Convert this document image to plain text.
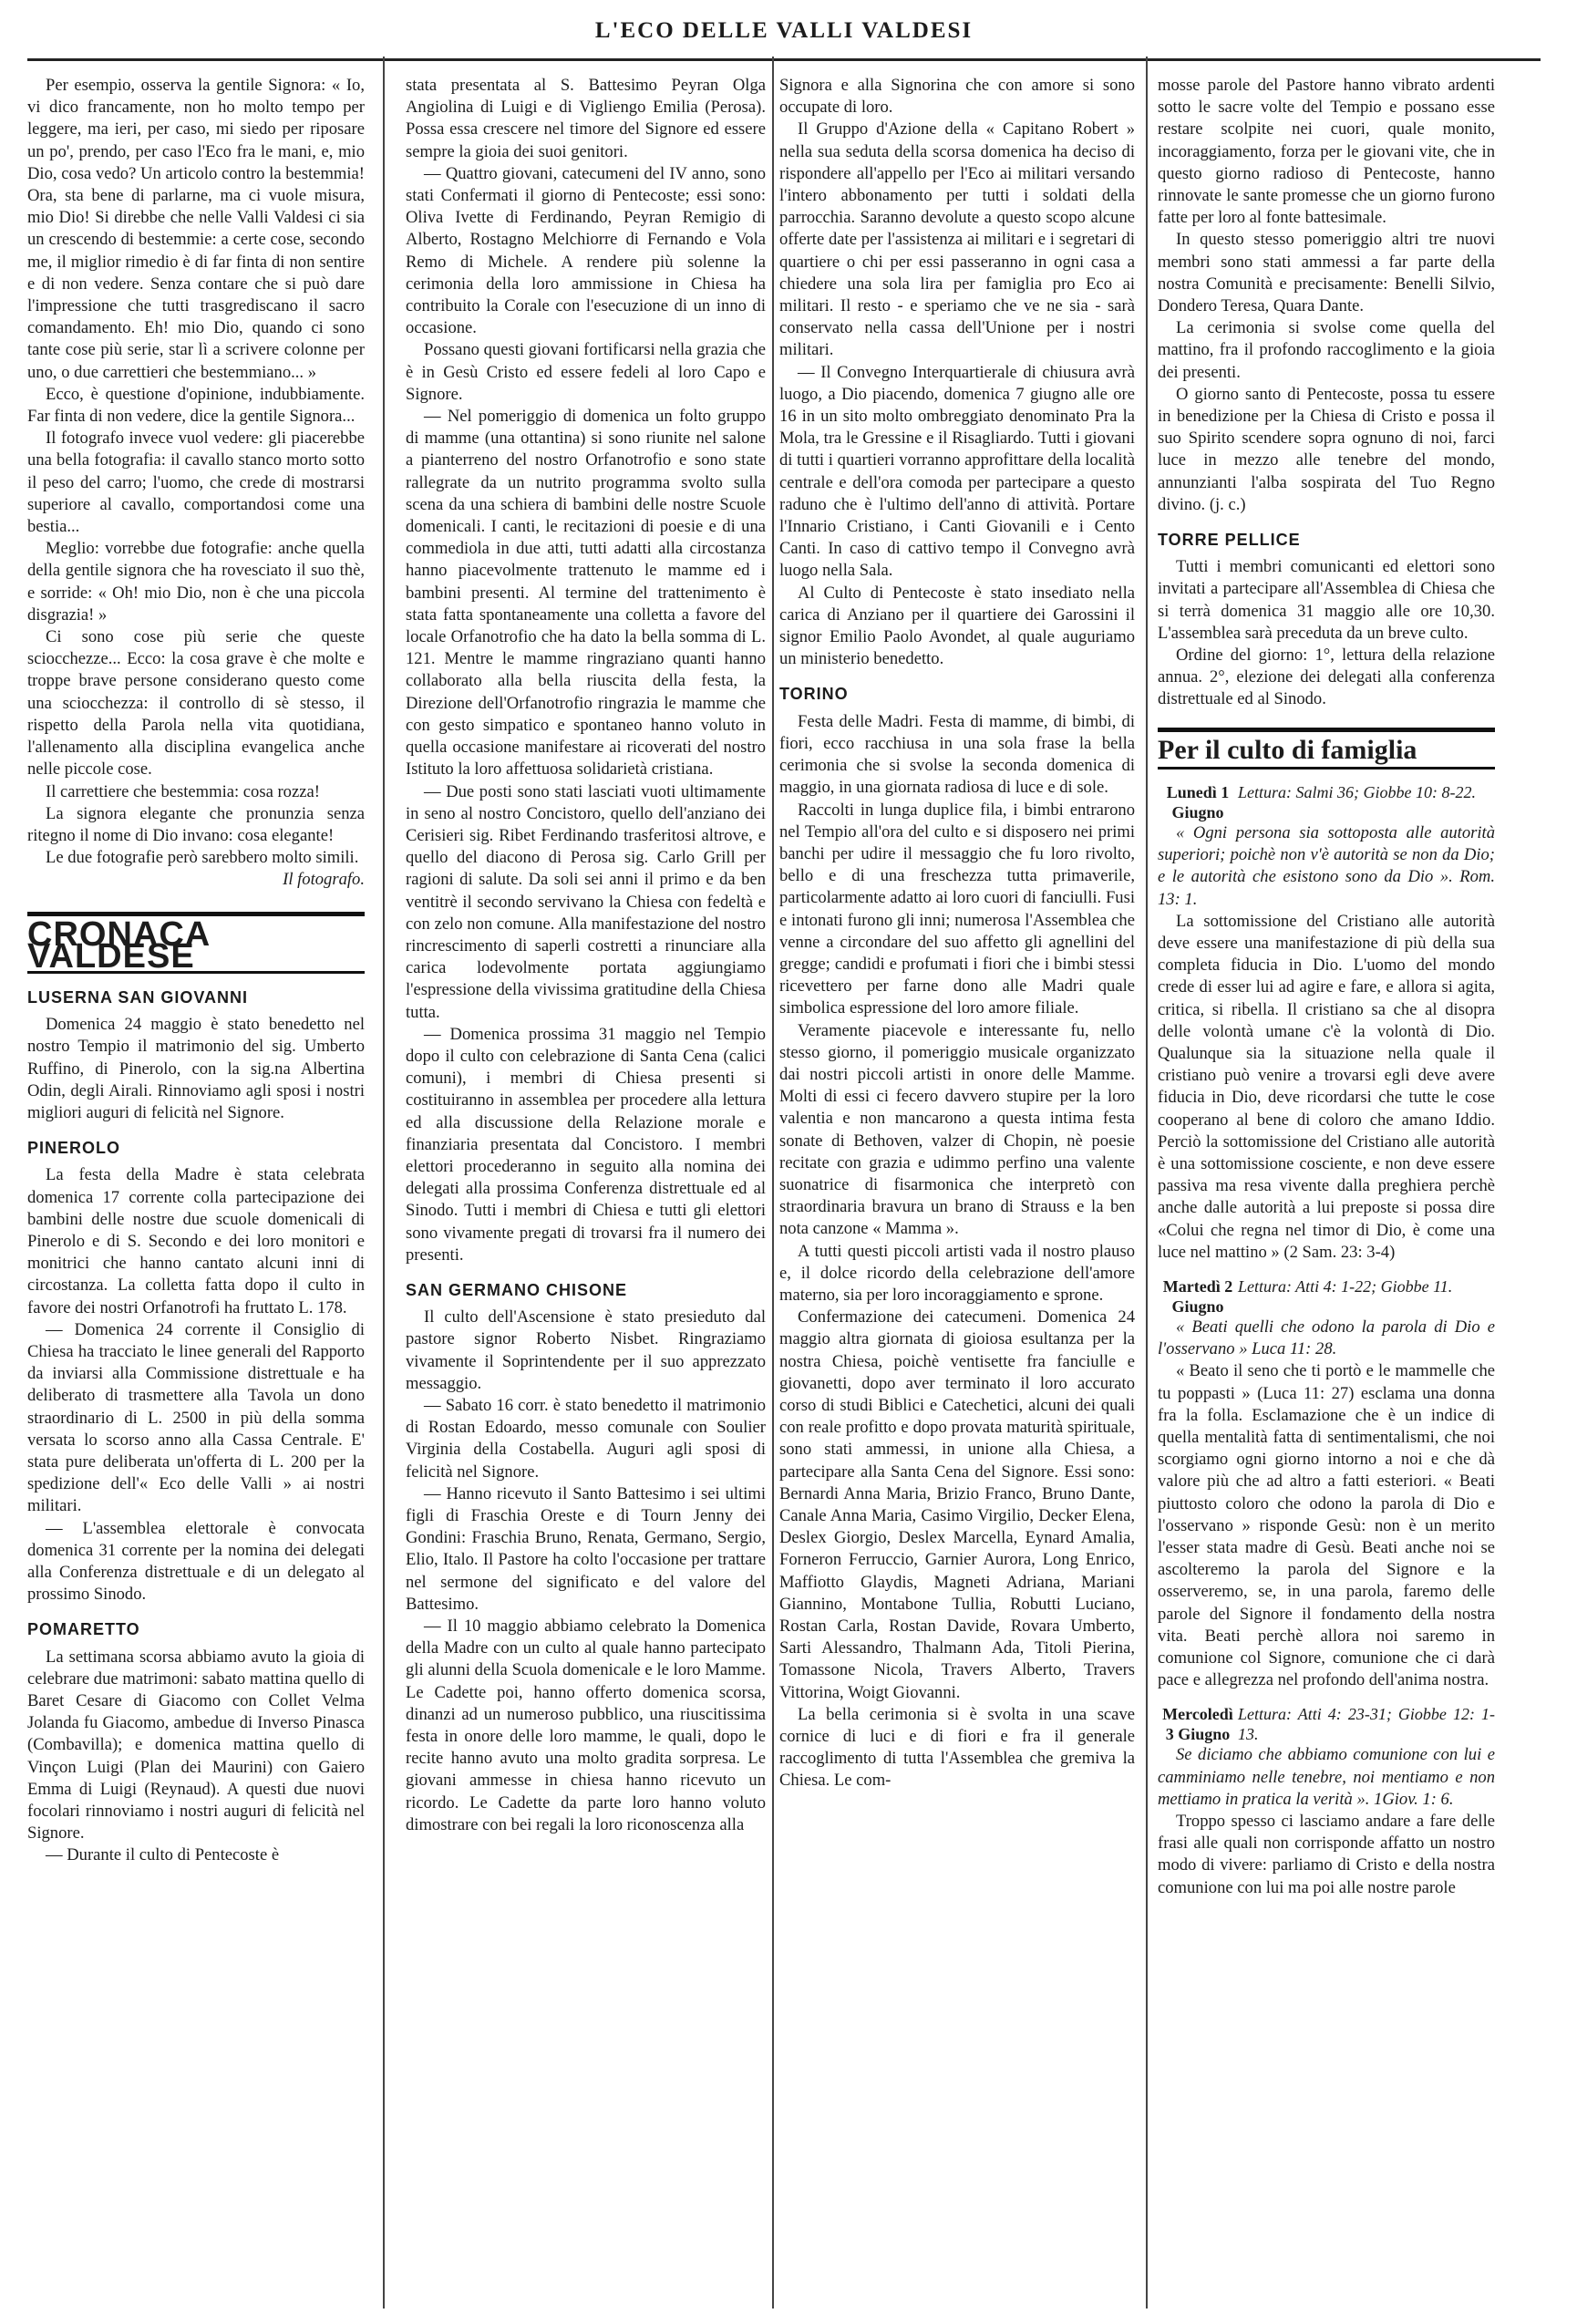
L'ECO DELLE VALLI VALDESI

Per esempio, osserva la gentile Signora: « Io, vi dico francamente, non ho molto tempo per leggere, ma ieri, per caso, mi siedo per riposare un po', prendo, per caso l'Eco fra le mani, e, mio Dio, cosa vedo? Un articolo contro la bestemmia! Ora, sta bene di parlarne, ma ci vuole misura, mio Dio! Si direbbe che nelle Valli Valdesi ci sia un crescendo di bestemmie: a certe cose, secondo me, il miglior rimedio è di far finta di non sentire e di non vedere. Senza contare che si può dare l'impressione che tutti trasgrediscano il sacro comandamento. Eh! mio Dio, quando ci sono tante cose più serie, star lì a scrivere colonne per uno, o due carrettieri che bestemmiano... »

Ecco, è questione d'opinione, indubbiamente. Far finta di non vedere, dice la gentile Signora...

Il fotografo invece vuol vedere: gli piacerebbe una bella fotografia: il cavallo stanco morto sotto il peso del carro; l'uomo, che crede di mostrarsi superiore al cavallo, comportandosi come una bestia...

Meglio: vorrebbe due fotografie: anche quella della gentile signora che ha rovesciato il suo thè, e sorride: « Oh! mio Dio, non è che una piccola disgrazia! »

Ci sono cose più serie che queste sciocchezze... Ecco: la cosa grave è che molte e troppe brave persone considerano questo come una sciocchezza: il controllo di sè stesso, il rispetto della Parola nella vita quotidiana, l'allenamento alla disciplina evangelica anche nelle piccole cose.

Il carrettiere che bestemmia: cosa rozza!

La signora elegante che pronunzia senza ritegno il nome di Dio invano: cosa elegante!

Le due fotografie però sarebbero molto simili.

Il fotografo.

CRONACA VALDESE
LUSERNA SAN GIOVANNI

Domenica 24 maggio è stato benedetto nel nostro Tempio il matrimonio del sig. Umberto Ruffino, di Pinerolo, con la sig.na Albertina Odin, degli Airali. Rinnoviamo agli sposi i nostri migliori auguri di felicità nel Signore.

PINEROLO

La festa della Madre è stata celebrata domenica 17 corrente colla partecipazione dei bambini delle nostre due scuole domenicali di Pinerolo e di S. Secondo e dei loro monitori e monitrici che hanno cantato alcuni inni di circostanza. La colletta fatta dopo il culto in favore dei nostri Orfanotrofi ha fruttato L. 178.

— Domenica 24 corrente il Consiglio di Chiesa ha tracciato le linee generali del Rapporto da inviarsi alla Commissione distrettuale e ha deliberato di trasmettere alla Tavola un dono straordinario di L. 2500 in più della somma versata lo scorso anno alla Cassa Centrale. E' stata pure deliberata un'offerta di L. 200 per la spedizione dell'« Eco delle Valli » ai nostri militari.

— L'assemblea elettorale è convocata domenica 31 corrente per la nomina dei delegati alla Conferenza distrettuale e di un delegato al prossimo Sinodo.

POMARETTO

La settimana scorsa abbiamo avuto la gioia di celebrare due matrimoni: sabato mattina quello di Baret Cesare di Giacomo con Collet Velma Jolanda fu Giacomo, ambedue di Inverso Pinasca (Combavilla); e domenica mattina quello di Vinçon Luigi (Plan dei Maurini) con Gaiero Emma di Luigi (Reynaud). A questi due nuovi focolari rinnoviamo i nostri auguri di felicità nel Signore.

— Durante il culto di Pentecoste è

stata presentata al S. Battesimo Peyran Olga Angiolina di Luigi e di Vigliengo Emilia (Perosa). Possa essa crescere nel timore del Signore ed essere sempre la gioia dei suoi genitori.

— Quattro giovani, catecumeni del IV anno, sono stati Confermati il giorno di Pentecoste; essi sono: Oliva Ivette di Ferdinando, Peyran Remigio di Alberto, Rostagno Melchiorre di Fernando e Vola Remo di Michele. A rendere più solenne la cerimonia della loro ammissione in Chiesa ha contribuito la Corale con l'esecuzione di un inno di occasione.

Possano questi giovani fortificarsi nella grazia che è in Gesù Cristo ed essere fedeli al loro Capo e Signore.

— Nel pomeriggio di domenica un folto gruppo di mamme (una ottantina) si sono riunite nel salone a pianterreno del nostro Orfanotrofio e sono state rallegrate da un nutrito programma svolto sulla scena da una schiera di bambini delle nostre Scuole domenicali. I canti, le recitazioni di poesie e di una commediola in due atti, tutti adatti alla circostanza hanno piacevolmente trattenuto le mamme ed i bambini presenti. Al termine del trattenimento è stata fatta spontaneamente una colletta a favore del locale Orfanotrofio che ha dato la bella somma di L. 121. Mentre le mamme ringraziano quanti hanno collaborato alla bella riuscita della festa, la Direzione dell'Orfanotrofio ringrazia le mamme che con gesto simpatico e spontaneo hanno voluto in quella occasione manifestare ai ricoverati del nostro Istituto la loro affettuosa solidarietà cristiana.

— Due posti sono stati lasciati vuoti ultimamente in seno al nostro Concistoro, quello dell'anziano dei Cerisieri sig. Ribet Ferdinando trasferitosi altrove, e quello del diacono di Perosa sig. Carlo Grill per ragioni di salute. Da soli sei anni il primo e da ben ventitrè il secondo servivano la Chiesa con fedeltà e con zelo non comune. Alla manifestazione del nostro rincrescimento di saperli costretti a rinunciare alla carica lodevolmente portata aggiungiamo l'espressione della vivissima gratitudine della Chiesa tutta.

— Domenica prossima 31 maggio nel Tempio dopo il culto con celebrazione di Santa Cena (calici comuni), i membri di Chiesa presenti si costituiranno in assemblea per procedere alla lettura ed alla discussione della Relazione morale e finanziaria presentata dal Concistoro. I membri elettori procederanno in seguito alla nomina dei delegati alla prossima Conferenza distrettuale ed al Sinodo. Tutti i membri di Chiesa e tutti gli elettori sono vivamente pregati di trovarsi fra il numero dei presenti.

SAN GERMANO CHISONE

Il culto dell'Ascensione è stato presieduto dal pastore signor Roberto Nisbet. Ringraziamo vivamente il Soprintendente per il suo apprezzato messaggio.

— Sabato 16 corr. è stato benedetto il matrimonio di Rostan Edoardo, messo comunale con Soulier Virginia della Costabella. Auguri agli sposi di felicità nel Signore.

— Hanno ricevuto il Santo Battesimo i sei ultimi figli di Fraschia Oreste e di Tourn Jenny dei Gondini: Fraschia Bruno, Renata, Germano, Sergio, Elio, Italo. Il Pastore ha colto l'occasione per trattare nel sermone del significato e del valore del Battesimo.

— Il 10 maggio abbiamo celebrato la Domenica della Madre con un culto al quale hanno partecipato gli alunni della Scuola domenicale e le loro Mamme. Le Cadette poi, hanno offerto domenica scorsa, dinanzi ad un numeroso pubblico, una riuscitissima festa in onore delle loro mamme, le quali, dopo le recite hanno avuto una molto gradita sorpresa. Le giovani ammesse in chiesa hanno ricevuto un ricordo. Le Cadette da parte loro hanno voluto dimostrare con bei regali la loro riconoscenza alla

Signora e alla Signorina che con amore si sono occupate di loro.

Il Gruppo d'Azione della « Capitano Robert » nella sua seduta della scorsa domenica ha deciso di rispondere all'appello per l'Eco ai militari versando l'intero abbonamento per tutti i soldati della parrocchia. Saranno devolute a questo scopo alcune offerte date per l'assistenza ai militari e i segretari di quartiere o chi per essi passeranno in ogni casa a chiedere una sola lira per famiglia pro Eco ai militari. Il resto - e speriamo che ve ne sia - sarà conservato nella cassa dell'Unione per i nostri militari.

— Il Convegno Interquartierale di chiusura avrà luogo, a Dio piacendo, domenica 7 giugno alle ore 16 in un sito molto ombreggiato denominato Pra la Mola, tra le Gressine e il Risagliardo. Tutti i giovani di tutti i quartieri vorranno approfittare della località centrale e dell'ora comoda per partecipare a questo raduno che è l'ultimo dell'anno di attività. Portare l'Innario Cristiano, i Canti Giovanili e i Cento Canti. In caso di cattivo tempo il Convegno avrà luogo nella Sala.

Al Culto di Pentecoste è stato insediato nella carica di Anziano per il quartiere dei Garossini il signor Emilio Paolo Avondet, al quale auguriamo un ministerio benedetto.

TORINO

Festa delle Madri. Festa di mamme, di bimbi, di fiori, ecco racchiusa in una sola frase la bella cerimonia che si svolse la seconda domenica di maggio, in una giornata radiosa di luce e di sole.

Raccolti in lunga duplice fila, i bimbi entrarono nel Tempio all'ora del culto e si disposero nei primi banchi per udire il messaggio che fu loro rivolto, bello e di una freschezza tutta primaverile, particolarmente adatto ai loro cuori di fanciulli. Fusi e intonati furono gli inni; numerosa l'Assemblea che venne a circondare del suo affetto gli agnellini del gregge; candidi e profumati i fiori che i bimbi stessi ricevettero per farne dono alle Madri quale simbolica espressione del loro amore filiale.

Veramente piacevole e interessante fu, nello stesso giorno, il pomeriggio musicale organizzato dai nostri piccoli artisti in onore delle Mamme. Molti di essi ci fecero davvero stupire per la loro valentia e non mancarono a questa intima festa sonate di Bethoven, valzer di Chopin, nè poesie recitate con grazia e udimmo perfino una valente suonatrice di fisarmonica che interpretò con straordinaria bravura un brano di Strauss e la ben nota canzone « Mamma ».

A tutti questi piccoli artisti vada il nostro plauso e, il dolce ricordo della celebrazione dell'amore materno, sia per loro incoraggiamento e sprone.

Confermazione dei catecumeni. Domenica 24 maggio altra giornata di gioiosa esultanza per la nostra Chiesa, poichè ventisette fra fanciulle e giovanetti, dopo aver terminato il loro accurato corso di studi Biblici e Catechetici, alcuni dei quali con reale profitto e dopo provata maturità spirituale, sono stati ammessi, in unione alla Chiesa, a partecipare alla Santa Cena del Signore. Essi sono: Bernardi Anna Maria, Brizio Franco, Bruno Dante, Canale Anna Maria, Casimo Virgilio, Decker Elena, Deslex Giorgio, Deslex Marcella, Eynard Amalia, Forneron Ferruccio, Garnier Aurora, Long Enrico, Maffiotto Glaydis, Magneti Adriana, Mariani Giannino, Montabone Tullia, Robutti Luciano, Rostan Carla, Rostan Davide, Rovara Umberto, Sarti Alessandro, Thalmann Ada, Titoli Pierina, Tomassone Nicola, Travers Alberto, Travers Vittorina, Woigt Giovanni.

La bella cerimonia si è svolta in una scave cornice di luci e di fiori e fra il generale raccoglimento di tutta l'Assemblea che gremiva la Chiesa. Le com-

mosse parole del Pastore hanno vibrato ardenti sotto le sacre volte del Tempio e possano esse restare scolpite nei cuori, quale monito, incoraggiamento, forza per le giovani vite, che in questo giorno radioso di Pentecoste, hanno rinnovate le sante promesse che un giorno furono fatte per loro al fonte battesimale.

In questo stesso pomeriggio altri tre nuovi membri sono stati ammessi a far parte della nostra Comunità e precisamente: Benelli Silvio, Dondero Teresa, Quara Dante.

La cerimonia si svolse come quella del mattino, fra il profondo raccoglimento e la gioia dei presenti.

O giorno santo di Pentecoste, possa tu essere in benedizione per la Chiesa di Cristo e possa il suo Spirito scendere sopra ognuno di noi, farci luce in mezzo alle tenebre del mondo, annunzianti l'alba sospirata del Tuo Regno divino. (j. c.)

TORRE PELLICE

Tutti i membri comunicanti ed elettori sono invitati a partecipare all'Assemblea di Chiesa che si terrà domenica 31 maggio alle ore 10,30. L'assemblea sarà preceduta da un breve culto.

Ordine del giorno: 1°, lettura della relazione annua. 2°, elezione dei delegati alla conferenza distrettuale ed al Sinodo.

Per il culto di famiglia
Lunedì 1 Giugno
Lettura: Salmi 36; Giobbe 10: 8-22.

« Ogni persona sia sottoposta alle autorità superiori; poichè non v'è autorità se non da Dio; e le autorità che esistono sono da Dio ». Rom. 13: 1.

La sottomissione del Cristiano alle autorità deve essere una manifestazione di più della sua completa fiducia in Dio. L'uomo del mondo crede di esser lui ad agire e fare, e allora si agita, critica, si ribella. Il cristiano sa che al disopra delle volontà umane c'è la volontà di Dio. Qualunque sia la situazione nella quale il cristiano può venire a trovarsi egli deve avere fiducia in Dio, deve ricordarsi che tutte le cose cooperano al bene di coloro che amano Iddio. Perciò la sottomissione del Cristiano alle autorità è una sottomissione cosciente, e non deve essere passiva ma resa vivente dalla preghiera perchè anche dalle autorità a lui preposte si possa dire «Colui che regna nel timor di Dio, è come una luce nel mattino » (2 Sam. 23: 3-4)

Martedì 2 Giugno
Lettura: Atti 4: 1-22; Giobbe 11.

« Beati quelli che odono la parola di Dio e l'osservano » Luca 11: 28.

« Beato il seno che ti portò e le mammelle che tu poppasti » (Luca 11: 27) esclama una donna fra la folla. Esclamazione che è un indice di quella mentalità fatta di sentimentalismi, che noi scorgiamo ogni giorno intorno a noi e che dà valore più che ad altro a fatti esteriori. « Beati piuttosto coloro che odono la parola di Dio e l'osservano » risponde Gesù: non è un merito l'esser stata madre di Gesù. Beati anche noi se ascolteremo la parola del Signore e la osserveremo, se, in una parola, faremo delle parole del Signore il fondamento della nostra vita. Beati perchè allora noi saremo in comunione col Signore, comunione che ci darà pace e allegrezza nel profondo dell'anima nostra.

Mercoledì 3 Giugno
Lettura: Atti 4: 23-31; Giobbe 12: 1-13.

Se diciamo che abbiamo comunione con lui e camminiamo nelle tenebre, noi mentiamo e non mettiamo in pratica la verità ». 1Giov. 1: 6.

Troppo spesso ci lasciamo andare a fare delle frasi alle quali non corrisponde affatto un nostro modo di vivere: parliamo di Cristo e della nostra comunione con lui ma poi alle nostre parole
